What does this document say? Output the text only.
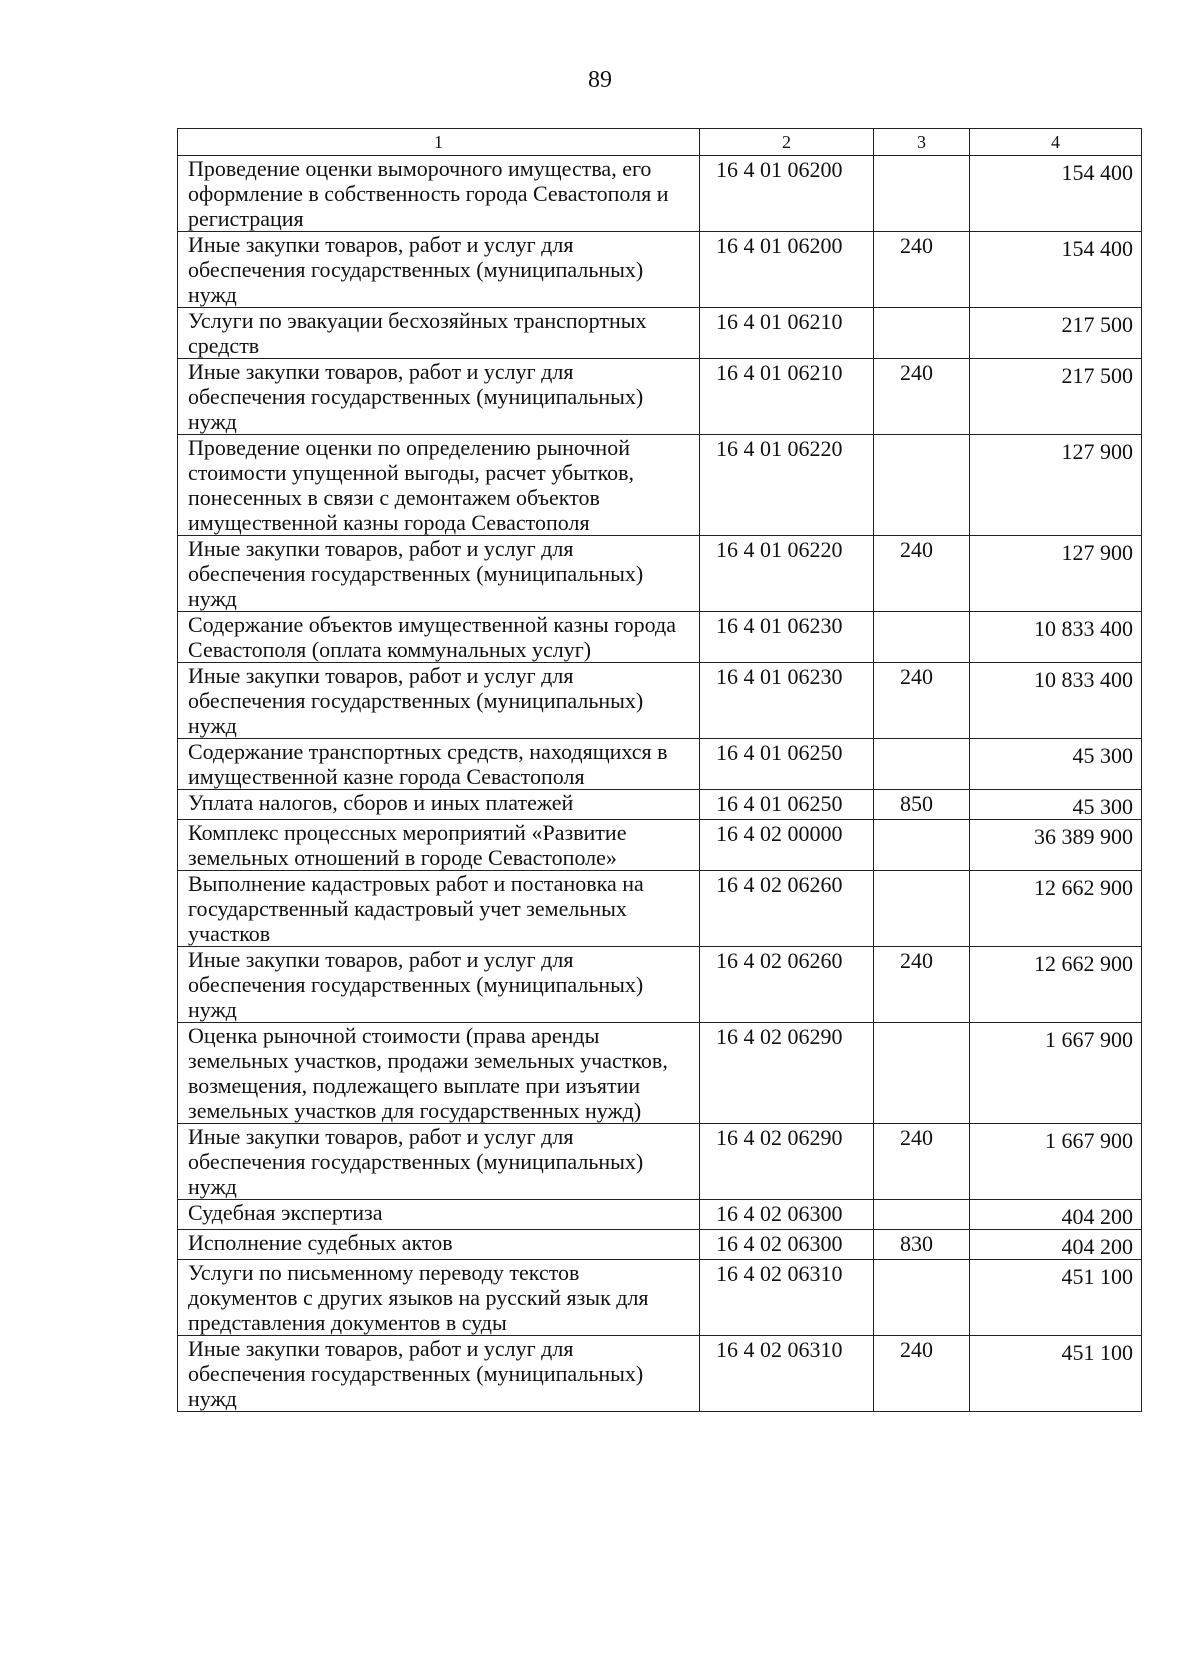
89
1	2	3	4
Проведение оценки выморочного имущества, его оформление в собственность города Севастополя и регистрация	16 4 01 06200		154 400
Иные закупки товаров, работ и услуг для обеспечения государственных (муниципальных) нужд	16 4 01 06200	240	154 400
Услуги по эвакуации бесхозяйных транспортных средств	16 4 01 06210		217 500
Иные закупки товаров, работ и услуг для обеспечения государственных (муниципальных) нужд	16 4 01 06210	240	217 500
Проведение оценки по определению рыночной стоимости упущенной выгоды, расчет убытков, понесенных в связи с демонтажем объектов имущественной казны города Севастополя	16 4 01 06220		127 900
Иные закупки товаров, работ и услуг для обеспечения государственных (муниципальных) нужд	16 4 01 06220	240	127 900
Содержание объектов имущественной казны города Севастополя (оплата коммунальных услуг)	16 4 01 06230		10 833 400
Иные закупки товаров, работ и услуг для обеспечения государственных (муниципальных) нужд	16 4 01 06230	240	10 833 400
Содержание транспортных средств, находящихся в имущественной казне города Севастополя	16 4 01 06250		45 300
Уплата налогов, сборов и иных платежей	16 4 01 06250	850	45 300
Комплекс процессных мероприятий «Развитие земельных отношений в городе Севастополе»	16 4 02 00000		36 389 900
Выполнение кадастровых работ и постановка на государственный кадастровый учет земельных участков	16 4 02 06260		12 662 900
Иные закупки товаров, работ и услуг для обеспечения государственных (муниципальных) нужд	16 4 02 06260	240	12 662 900
Оценка рыночной стоимости (права аренды земельных участков, продажи земельных участков, возмещения, подлежащего выплате при изъятии земельных участков для государственных нужд)	16 4 02 06290		1 667 900
Иные закупки товаров, работ и услуг для обеспечения государственных (муниципальных) нужд	16 4 02 06290	240	1 667 900
Судебная экспертиза	16 4 02 06300		404 200
Исполнение судебных актов	16 4 02 06300	830	404 200
Услуги по письменному переводу текстов документов с других языков на русский язык для представления документов в суды	16 4 02 06310		451 100
Иные закупки товаров, работ и услуг для обеспечения государственных (муниципальных) нужд	16 4 02 06310	240	451 100
